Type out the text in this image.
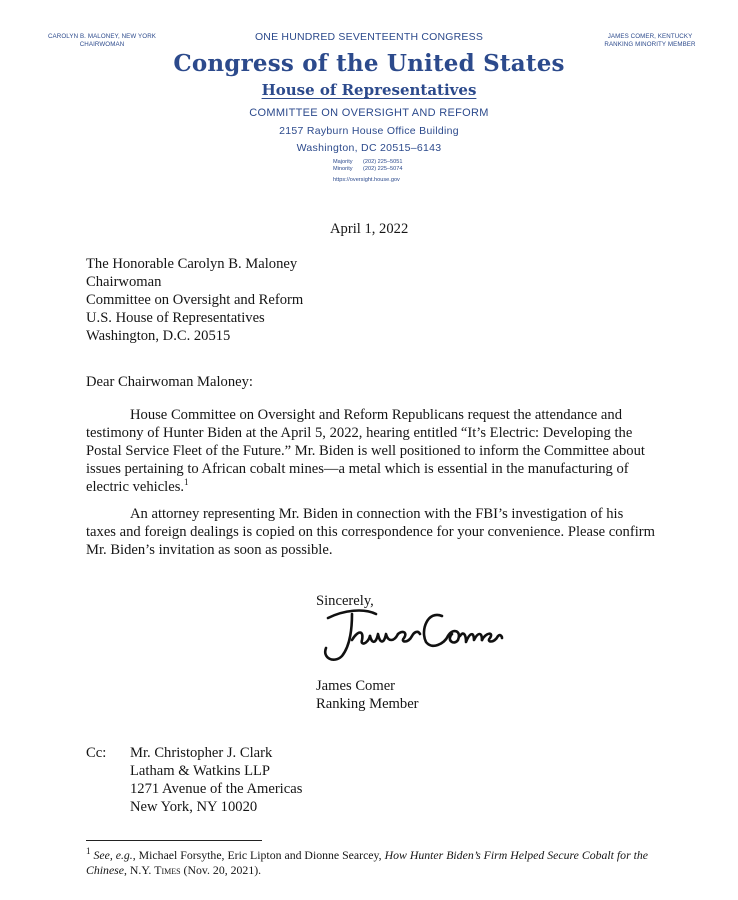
CAROLYN B. MALONEY, NEW YORK
CHAIRWOMAN
JAMES COMER, KENTUCKY
RANKING MINORITY MEMBER
ONE HUNDRED SEVENTEENTH CONGRESS
Congress of the United States
House of Representatives
COMMITTEE ON OVERSIGHT AND REFORM
2157 Rayburn House Office Building
Washington, DC 20515–6143
Majority (202) 225–5051
Minority (202) 225–5074
https://oversight.house.gov
April 1, 2022
The Honorable Carolyn B. Maloney
Chairwoman
Committee on Oversight and Reform
U.S. House of Representatives
Washington, D.C. 20515
Dear Chairwoman Maloney:

House Committee on Oversight and Reform Republicans request the attendance and testimony of Hunter Biden at the April 5, 2022, hearing entitled “It’s Electric: Developing the Postal Service Fleet of the Future.” Mr. Biden is well positioned to inform the Committee about issues pertaining to African cobalt mines—a metal which is essential in the manufacturing of electric vehicles.$^1$

An attorney representing Mr. Biden in connection with the FBI’s investigation of his taxes and foreign dealings is copied on this correspondence for your convenience. Please confirm Mr. Biden’s invitation as soon as possible.

Sincerely,
James Comer
Ranking Member
Cc: Mr. Christopher J. Clark
Latham & Watkins LLP
1271 Avenue of the Americas
New York, NY 10020
$^1$ See, e.g., Michael Forsythe, Eric Lipton and Dionne Searcey, How Hunter Biden’s Firm Helped Secure Cobalt for the Chinese, N.Y. Times (Nov. 20, 2021).
